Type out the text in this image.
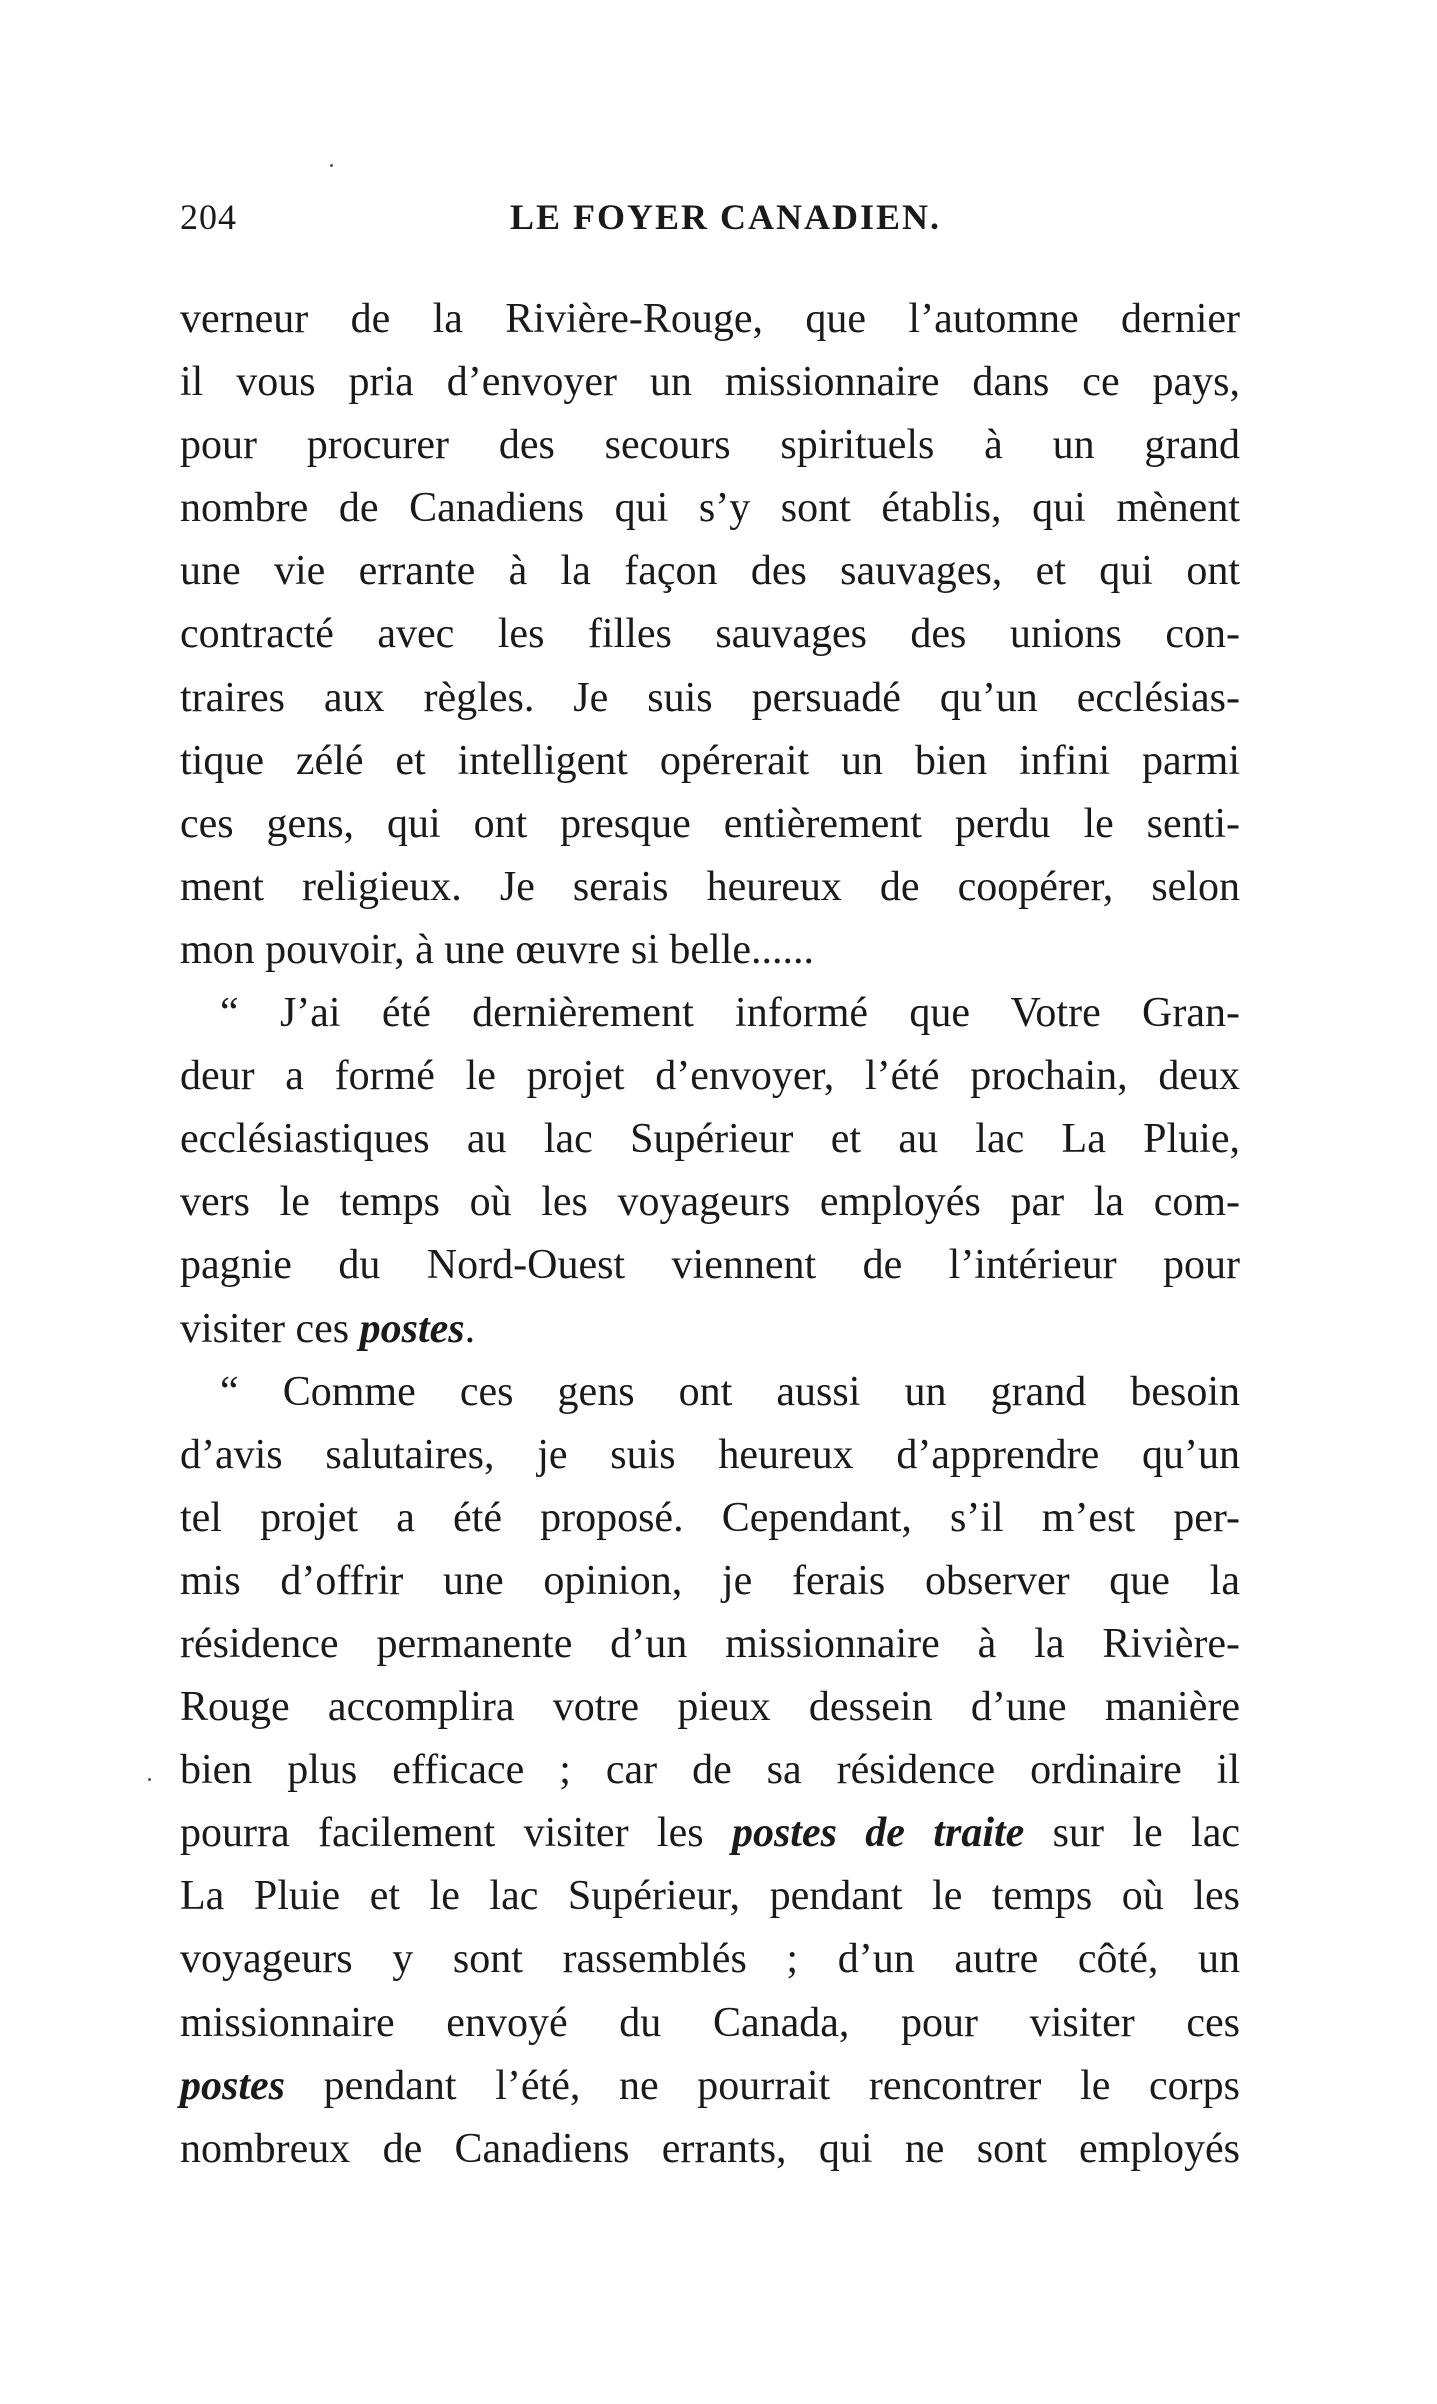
204	LE FOYER CANADIEN.
verneur de la Rivière-Rouge, que l’automne dernier
il vous pria d’envoyer un missionnaire dans ce pays,
pour procurer des secours spirituels à un grand
nombre de Canadiens qui s’y sont établis, qui mènent
une vie errante à la façon des sauvages, et qui ont
contracté avec les filles sauvages des unions con-
traires aux règles. Je suis persuadé qu’un ecclésias-
tique zélé et intelligent opérerait un bien infini parmi
ces gens, qui ont presque entièrement perdu le senti-
ment religieux. Je serais heureux de coopérer, selon
mon pouvoir, à une œuvre si belle......
“ J’ai été dernièrement informé que Votre Gran-
deur a formé le projet d’envoyer, l’été prochain, deux
ecclésiastiques au lac Supérieur et au lac La Pluie,
vers le temps où les voyageurs employés par la com-
pagnie du Nord-Ouest viennent de l’intérieur pour
visiter ces postes.
“ Comme ces gens ont aussi un grand besoin
d’avis salutaires, je suis heureux d’apprendre qu’un
tel projet a été proposé. Cependant, s’il m’est per-
mis d’offrir une opinion, je ferais observer que la
résidence permanente d’un missionnaire à la Rivière-
Rouge accomplira votre pieux dessein d’une manière
bien plus efficace ; car de sa résidence ordinaire il
pourra facilement visiter les postes de traite sur le lac
La Pluie et le lac Supérieur, pendant le temps où les
voyageurs y sont rassemblés ; d’un autre côté, un
missionnaire envoyé du Canada, pour visiter ces
postes pendant l’été, ne pourrait rencontrer le corps
nombreux de Canadiens errants, qui ne sont employés
